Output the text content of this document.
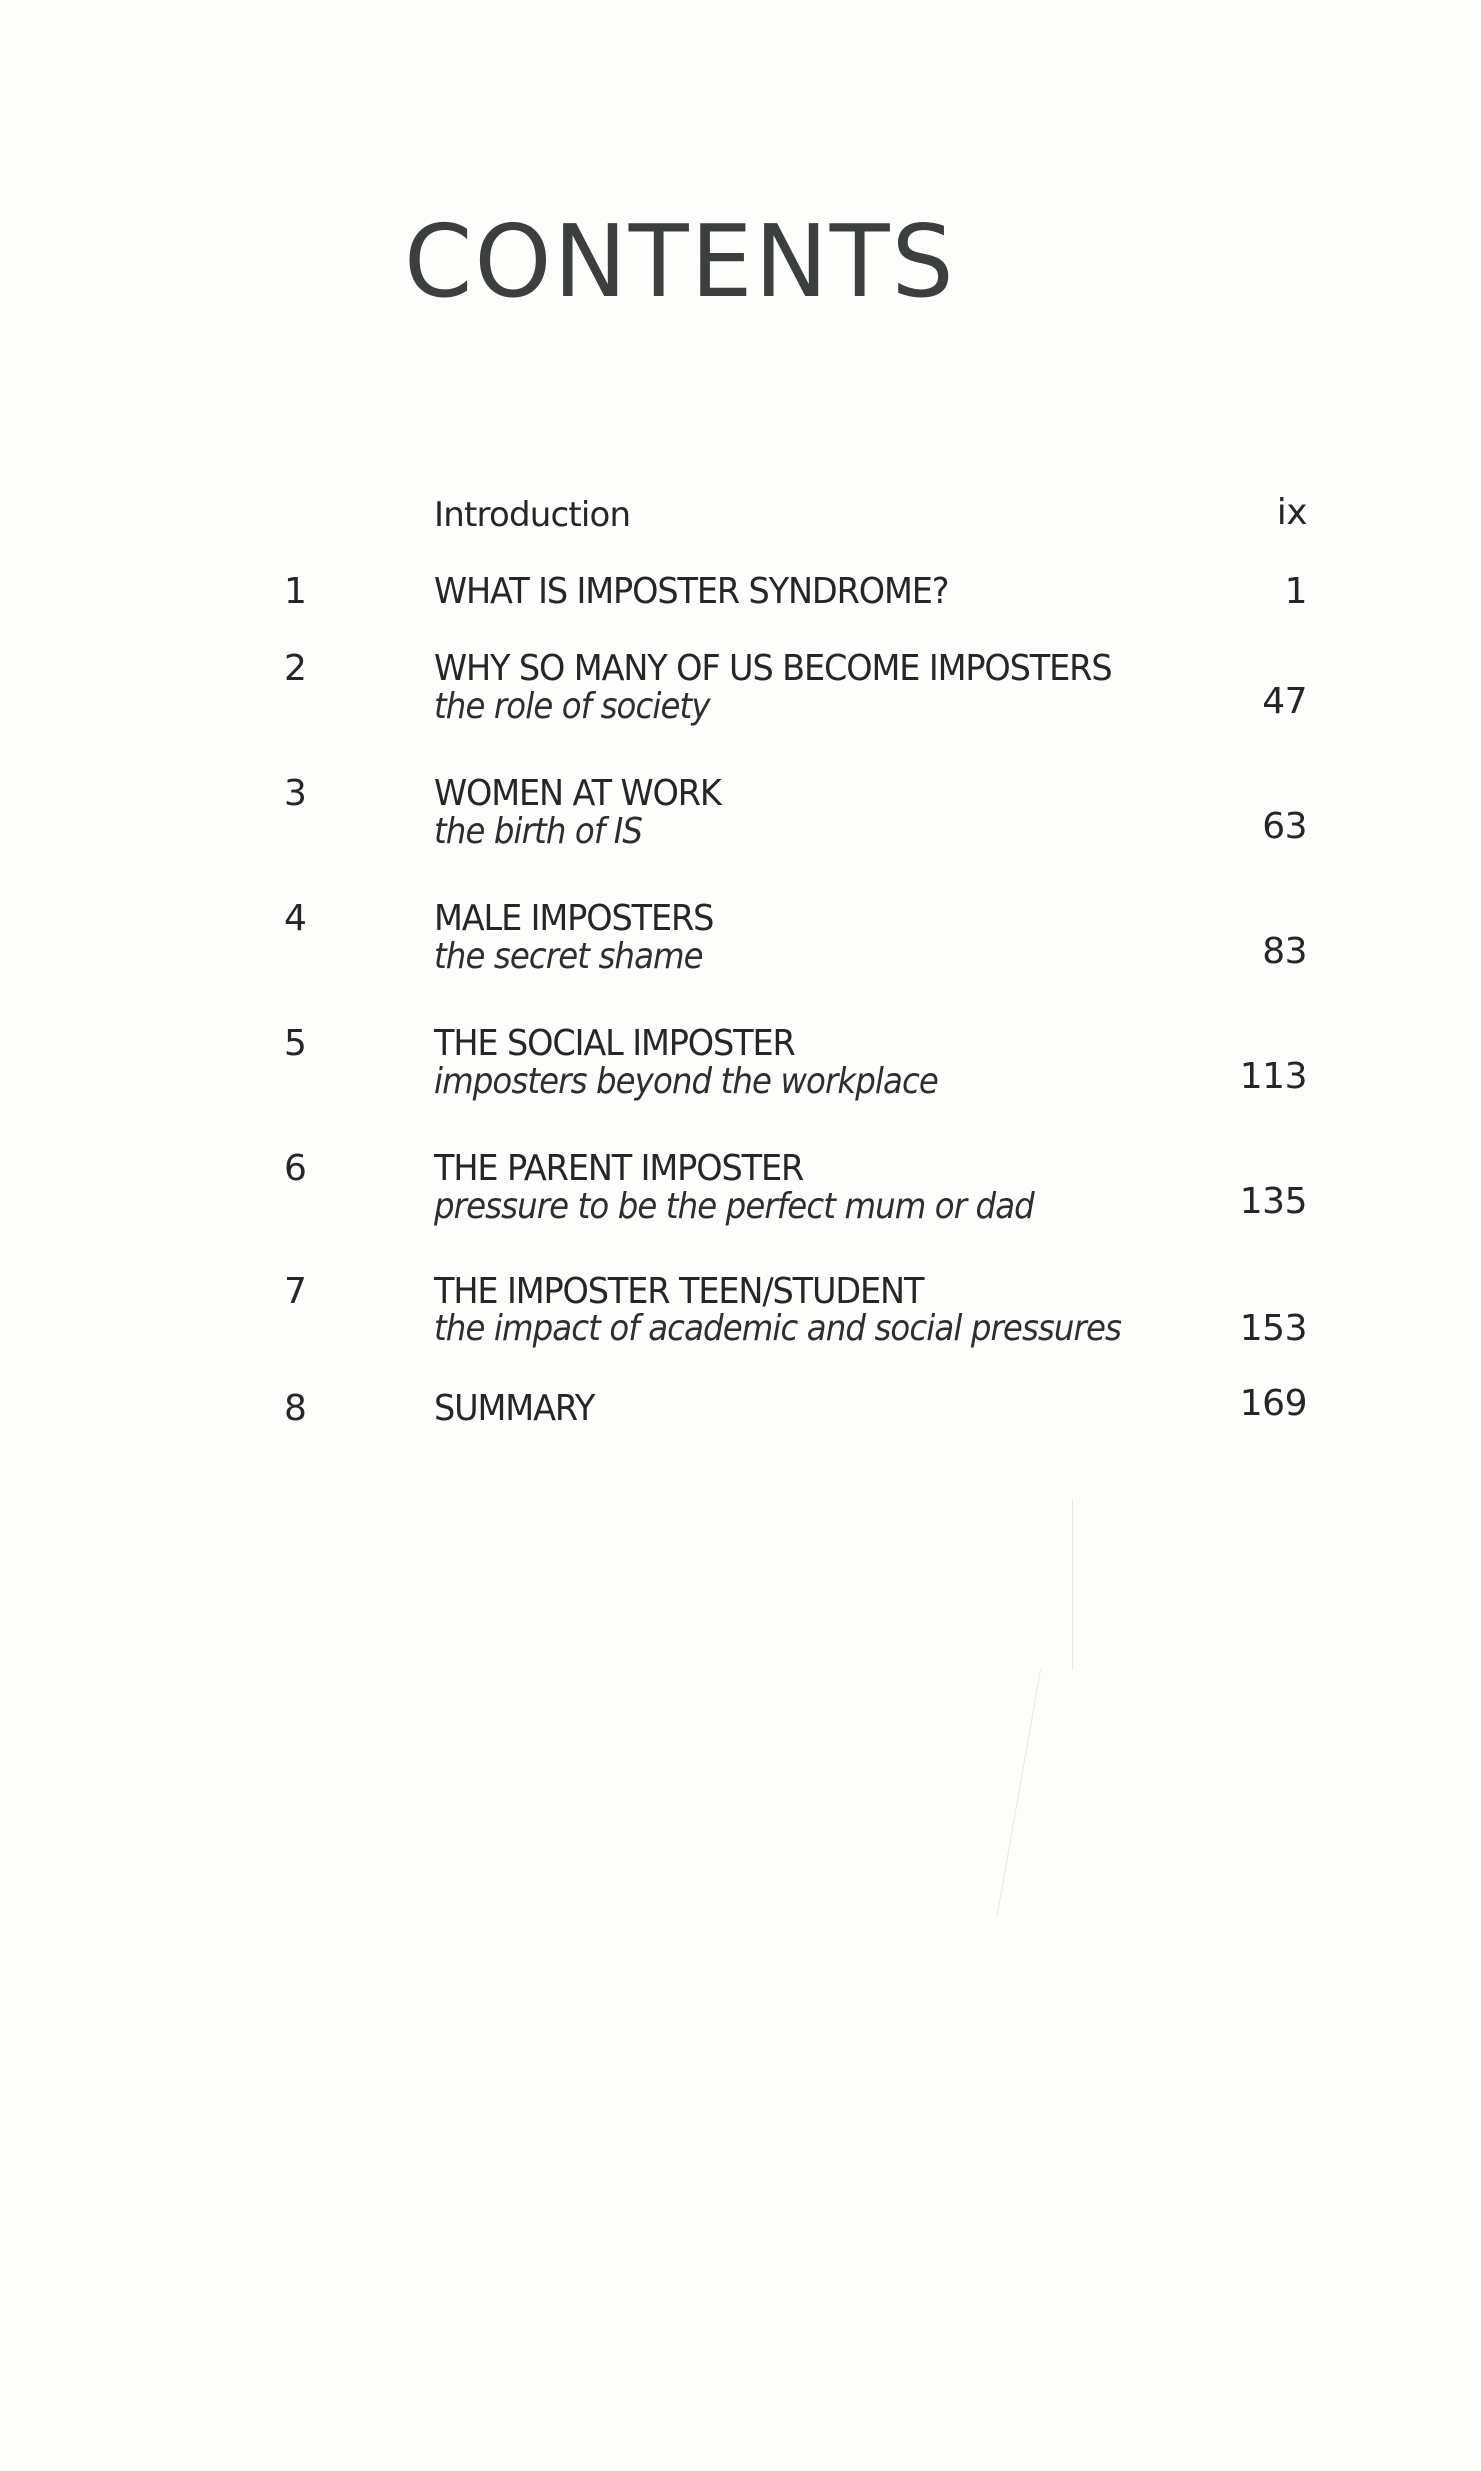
CONTENTS
Introduction	ix
1	WHAT IS IMPOSTER SYNDROME?	1
2	WHY SO MANY OF US BECOME IMPOSTERS
the role of society	47
3	WOMEN AT WORK
the birth of IS	63
4	MALE IMPOSTERS
the secret shame	83
5	THE SOCIAL IMPOSTER
imposters beyond the workplace	113
6	THE PARENT IMPOSTER
pressure to be the perfect mum or dad	135
7	THE IMPOSTER TEEN/STUDENT
the impact of academic and social pressures	153
8	SUMMARY	169
